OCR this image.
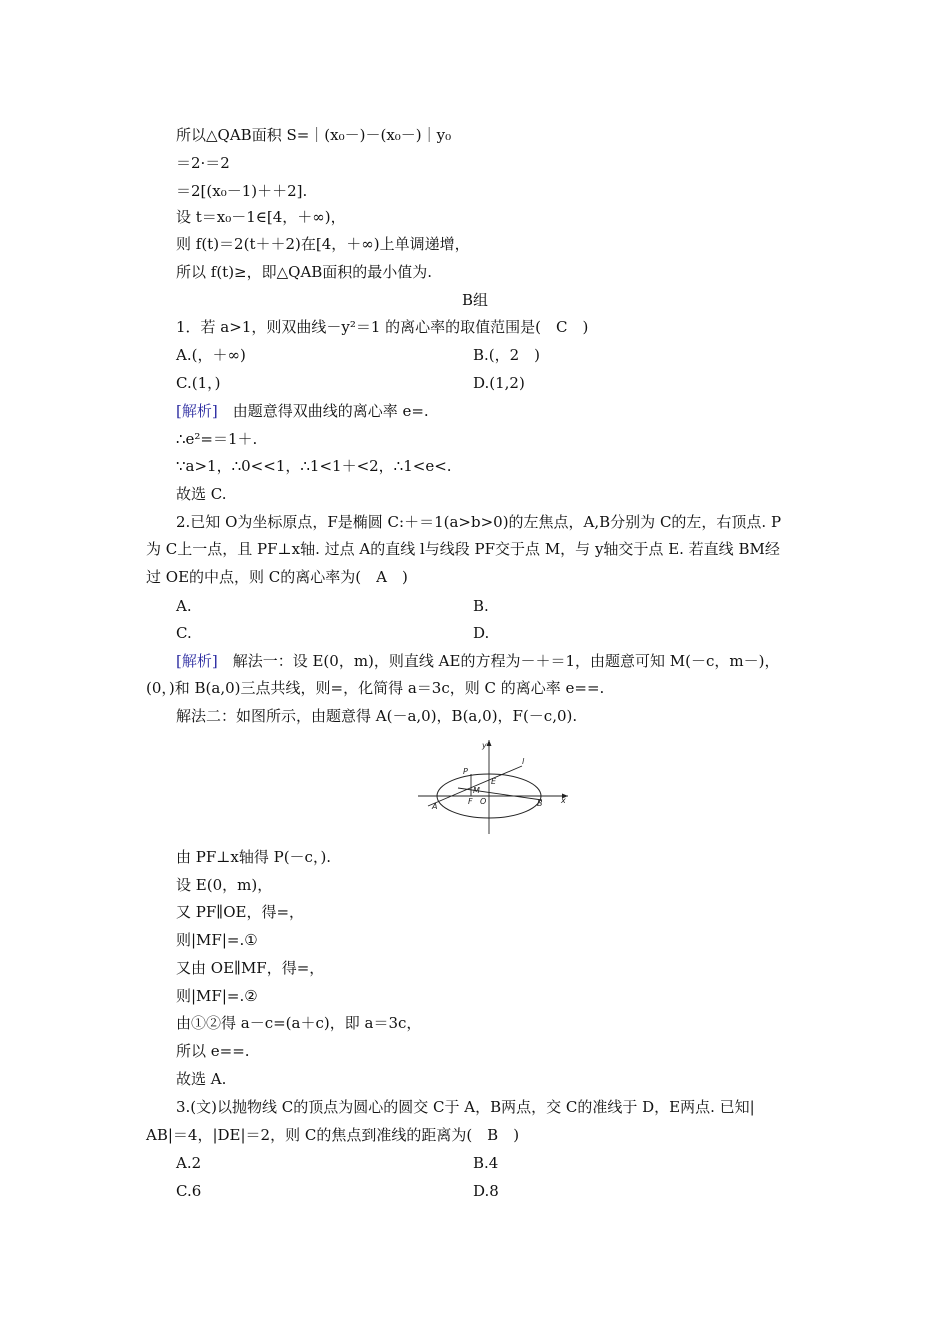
所以△QAB面积 S=｜(x₀－)－(x₀－)｜y₀
＝2·＝2
＝2[(x₀－1)＋＋2].
设 t＝x₀－1∈[4，＋∞)，
则 f(t)＝2(t＋＋2)在[4，＋∞)上单调递增，
所以 f(t)≥，即△QAB面积的最小值为.
B组
1．若 a>1，则双曲线－y²＝1 的离心率的取值范围是(　C　)
A.(，＋∞)	B.(，2　)
C.(1，)	D.(1,2)
[解析]　由题意得双曲线的离心率 e=.
∴e²=＝1＋.
∵a>1，∴0<<1，∴1<1＋<2，∴1<e<.
故选 C.
2.已知 O为坐标原点，F是椭圆 C:＋＝1(a>b>0)的左焦点，A,B分别为 C的左，右顶点. P
为 C上一点，且 PF⊥x轴. 过点 A的直线 l与线段 PF交于点 M，与 y轴交于点 E. 若直线 BM经
过 OE的中点，则 C的离心率为(　A　)
A.	B.
C.	D.
[解析]　解法一：设 E(0，m)，则直线 AE的方程为－＋＝1，由题意可知 M(－c，m－)，
(0，)和 B(a,0)三点共线，则=，化简得 a＝3c，则 C 的离心率 e==.
解法二：如图所示，由题意得 A(－a,0)，B(a,0)，F(－c,0).
y
x
l
P
E
M
A
F O	B
由 PF⊥x轴得 P(－c，).
设 E(0，m)，
又 PF∥OE，得=，
则|MF|=.①
又由 OE∥MF，得=，
则|MF|=.②
由①②得 a－c=(a＋c)，即 a＝3c，
所以 e==.
故选 A.
3.(文)以抛物线 C的顶点为圆心的圆交 C于 A，B两点，交 C的准线于 D，E两点. 已知|
AB|＝4，|DE|＝2，则 C的焦点到准线的距离为(　B　)
A.2	B.4
C.6	D.8
